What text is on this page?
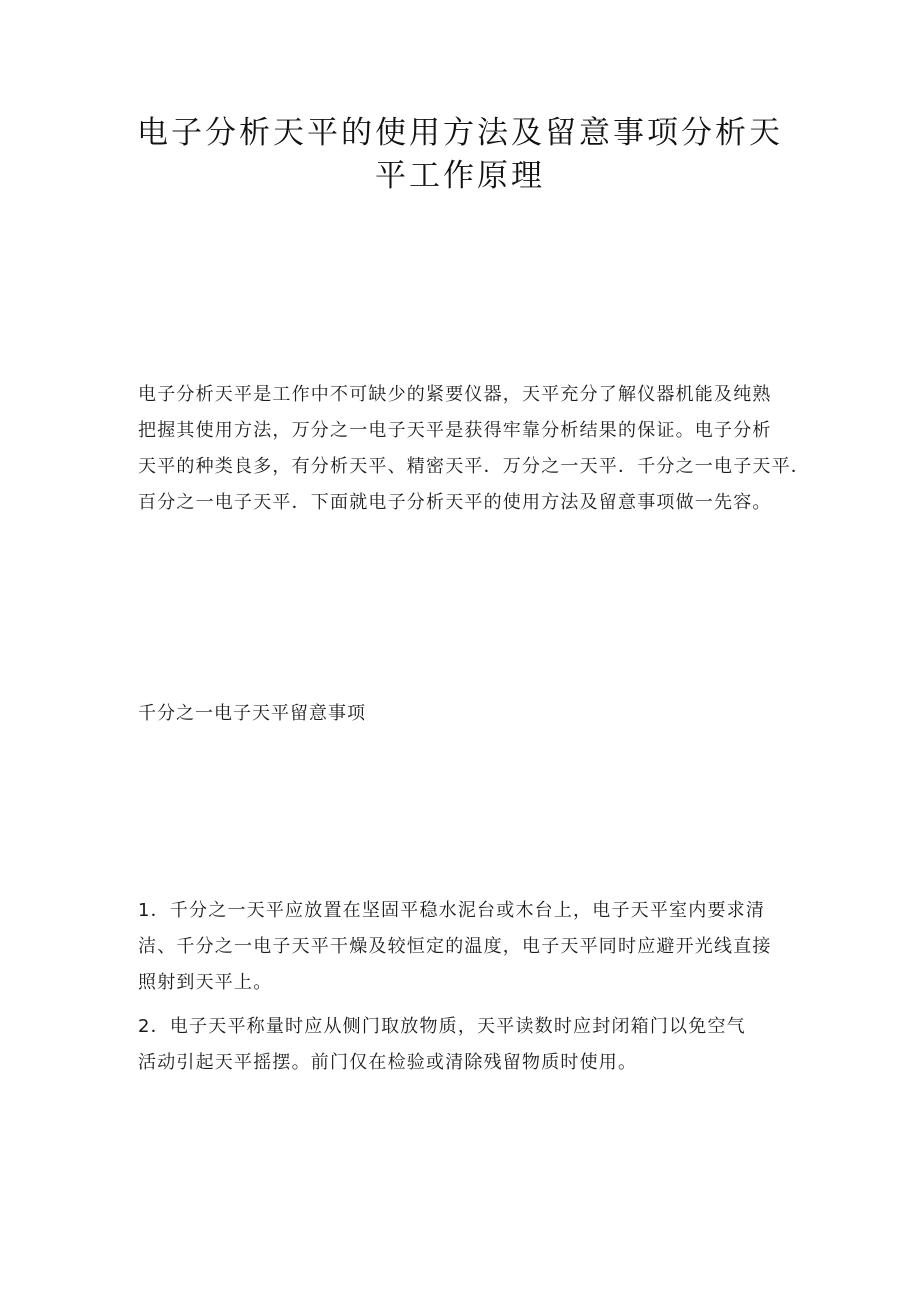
电子分析天平的使用方法及留意事项分析天
平工作原理

电子分析天平是工作中不可缺少的紧要仪器，天平充分了解仪器机能及纯熟
把握其使用方法，万分之一电子天平是获得牢靠分析结果的保证。电子分析
天平的种类良多，有分析天平、精密天平．万分之一天平．千分之一电子天平．
百分之一电子天平．下面就电子分析天平的使用方法及留意事项做一先容。

千分之一电子天平留意事项

1．千分之一天平应放置在坚固平稳水泥台或木台上，电子天平室内要求清
洁、千分之一电子天平干燥及较恒定的温度，电子天平同时应避开光线直接
照射到天平上。

2．电子天平称量时应从侧门取放物质，天平读数时应封闭箱门以免空气
活动引起天平摇摆。前门仅在检验或清除残留物质时使用。
